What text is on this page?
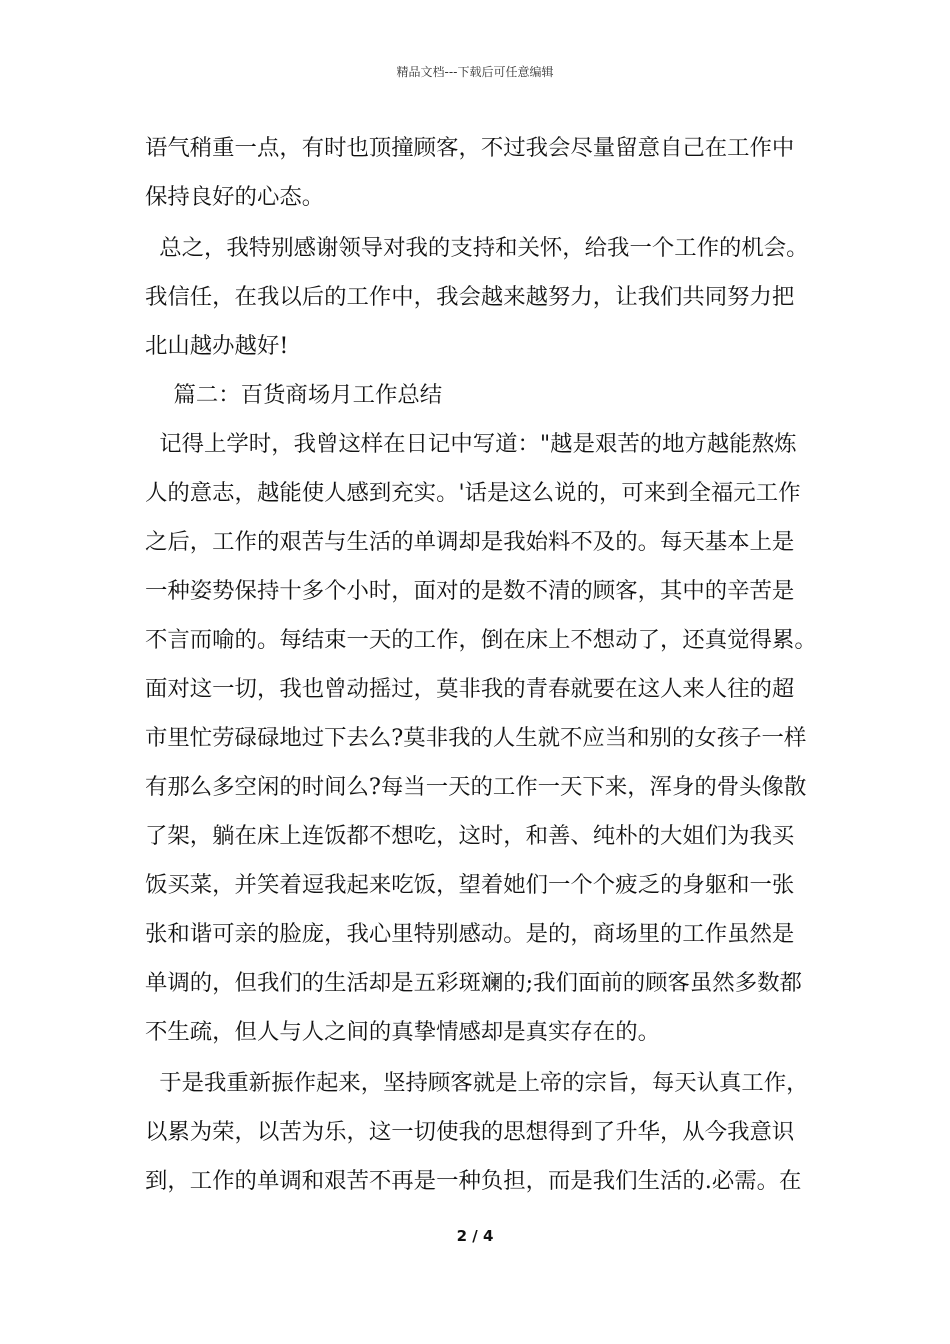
精品文档---下载后可任意编辑
语气稍重一点，有时也顶撞顾客，不过我会尽量留意自己在工作中
保持良好的心态。
总之，我特别感谢领导对我的支持和关怀，给我一个工作的机会。
我信任，在我以后的工作中，我会越来越努力，让我们共同努力把
北山越办越好!
篇二：百货商场月工作总结
记得上学时，我曾这样在日记中写道："越是艰苦的地方越能熬炼
人的意志，越能使人感到充实。'话是这么说的，可来到全福元工作
之后，工作的艰苦与生活的单调却是我始料不及的。每天基本上是
一种姿势保持十多个小时，面对的是数不清的顾客，其中的辛苦是
不言而喻的。每结束一天的工作，倒在床上不想动了，还真觉得累。
面对这一切，我也曾动摇过，莫非我的青春就要在这人来人往的超
市里忙劳碌碌地过下去么?莫非我的人生就不应当和别的女孩子一样
有那么多空闲的时间么?每当一天的工作一天下来，浑身的骨头像散
了架，躺在床上连饭都不想吃，这时，和善、纯朴的大姐们为我买
饭买菜，并笑着逗我起来吃饭，望着她们一个个疲乏的身躯和一张
张和谐可亲的脸庞，我心里特别感动。是的，商场里的工作虽然是
单调的，但我们的生活却是五彩斑斓的;我们面前的顾客虽然多数都
不生疏，但人与人之间的真挚情感却是真实存在的。
于是我重新振作起来，坚持顾客就是上帝的宗旨，每天认真工作，
以累为荣，以苦为乐，这一切使我的思想得到了升华，从今我意识
到，工作的单调和艰苦不再是一种负担，而是我们生活的.必需。在
2 / 4
